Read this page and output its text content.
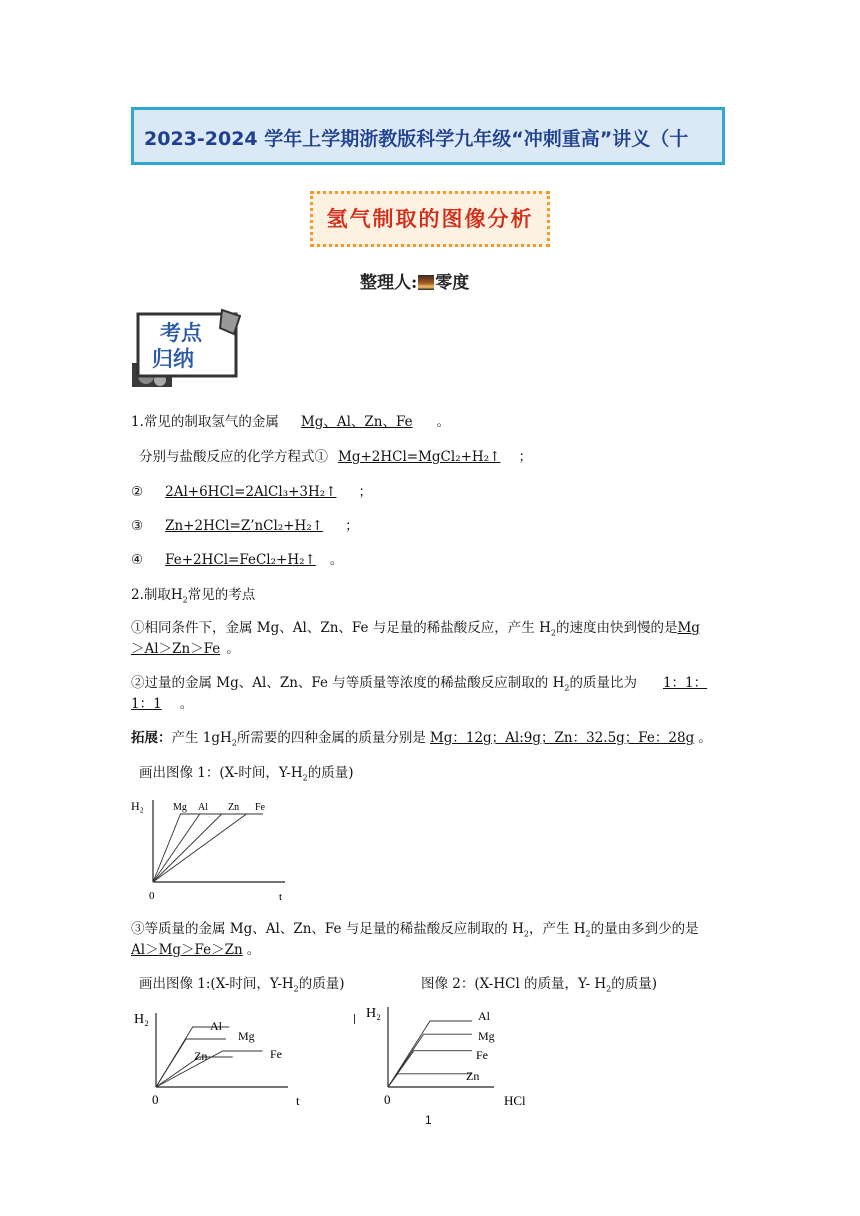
2023-2024 学年上学期浙教版科学九年级“冲刺重高”讲义（十
氢气制取的图像分析
整理人: 零度
考点
归纳
1.常见的制取氢气的金属 Mg、Al、Zn、Fe 。
分别与盐酸反应的化学方程式① Mg+2HCl=MgCl₂+H₂↑ ；
② 2Al+6HCl=2AlCl₃+3H₂↑ ；
③ Zn+2HCl=Z’nCl₂+H₂↑ ；
④ Fe+2HCl=FeCl₂+H₂↑ 。
2.制取$H_2$常见的考点
①相同条件下，金属 Mg、Al、Zn、Fe 与足量的稀盐酸反应，产生 $H_2$的速度由快到慢的是Mg
＞Al＞Zn＞Fe 。
②过量的金属 Mg、Al、Zn、Fe 与等质量等浓度的稀盐酸反应制取的 $H_2$的质量比为 1：1：
1：1 。
拓展：产生 $1gH_2$所需要的四种金属的质量分别是 Mg：12g；Al:9g；Zn：32.5g；Fe：28g 。
画出图像 1：(X-时间，$Y-H_2$的质量)
H₂
t
0
Mg Al Zn Fe
③等质量的金属 Mg、Al、Zn、Fe 与足量的稀盐酸反应制取的 $H_2$，产生 $H_2$的量由多到少的是
Al＞Mg＞Fe＞Zn 。
画出图像 1:(X-时间，$Y-H_2$的质量)	图像 2：(X-HCl 的质量，Y- $H_2$的质量)
H₂
t
0
Al
Mg
Zn	Fe
H₂
HCl
0
Al
Mg
Fe
Zn
1
